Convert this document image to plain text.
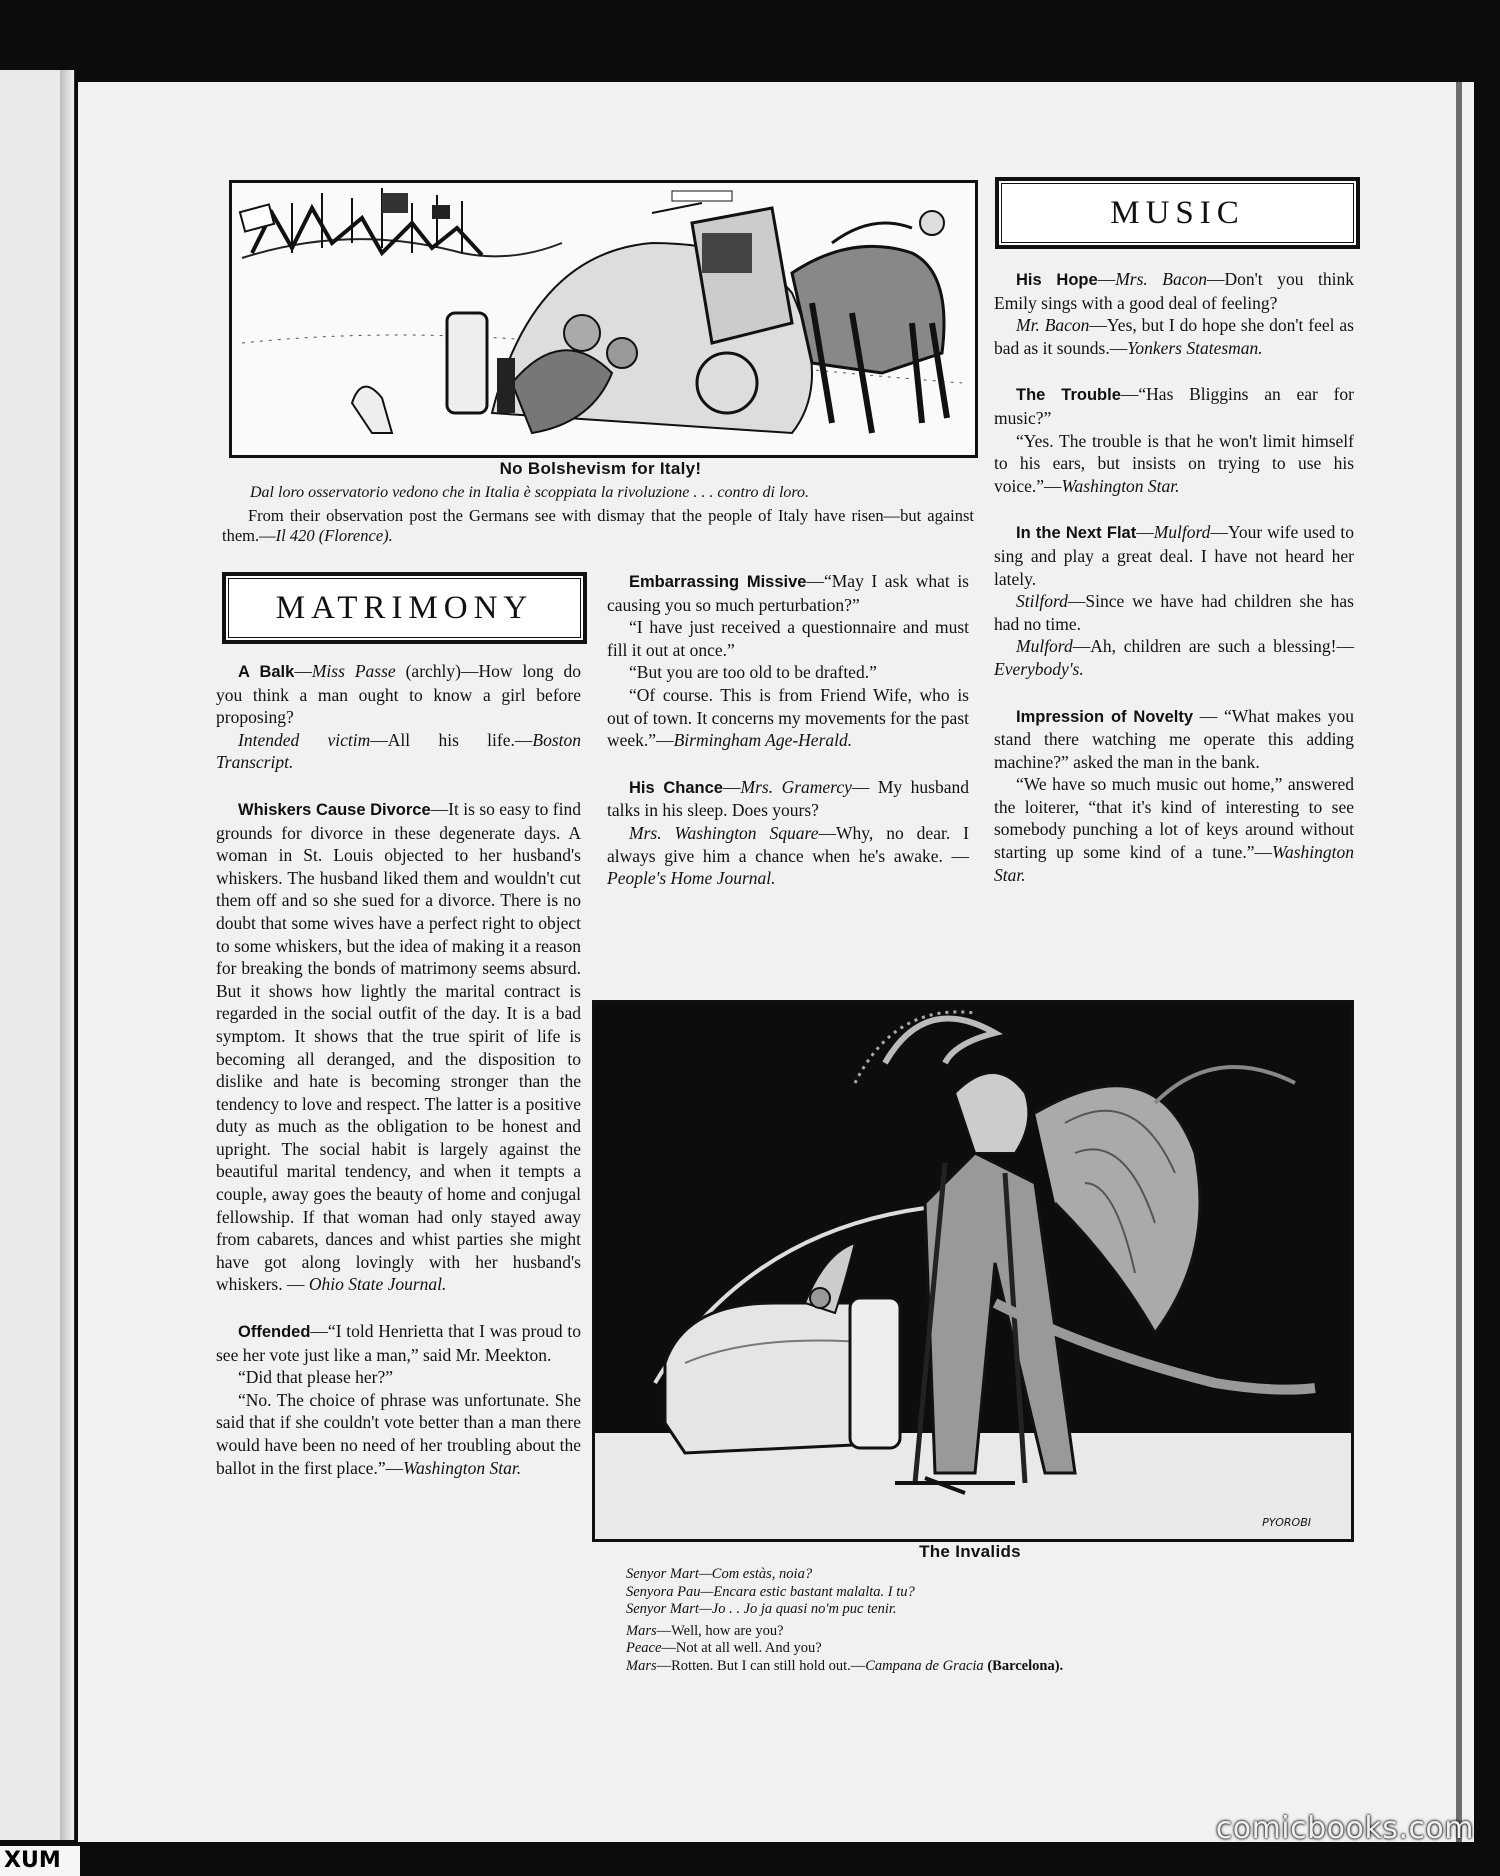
No Bolshevism for Italy!
Dal loro osservatorio vedono che in Italia è scoppiata la rivoluzione . . . contro di loro.
From their observation post the Germans see with dismay that the people of Italy have risen—but against them.—Il 420 (Florence).
MUSIC
MATRIMONY

A Balk—Miss Passe (archly)—How long do you think a man ought to know a girl before proposing?

Intended victim—All his life.—Boston Transcript.

Whiskers Cause Divorce—It is so easy to find grounds for divorce in these degenerate days. A woman in St. Louis objected to her husband's whiskers. The husband liked them and wouldn't cut them off and so she sued for a divorce. There is no doubt that some wives have a perfect right to object to some whiskers, but the idea of making it a reason for breaking the bonds of matrimony seems absurd. But it shows how lightly the marital contract is regarded in the social outfit of the day. It is a bad symptom. It shows that the true spirit of life is becoming all deranged, and the disposition to dislike and hate is becoming stronger than the tendency to love and respect. The latter is a positive duty as much as the obligation to be honest and upright. The social habit is largely against the beautiful marital tendency, and when it tempts a couple, away goes the beauty of home and conjugal fellowship. If that woman had only stayed away from cabarets, dances and whist parties she might have got along lovingly with her husband's whiskers. — Ohio State Journal.

Offended—“I told Henrietta that I was proud to see her vote just like a man,” said Mr. Meekton.

“Did that please her?”

“No. The choice of phrase was unfortunate. She said that if she couldn't vote better than a man there would have been no need of her troubling about the ballot in the first place.”—Washington Star.

Embarrassing Missive—“May I ask what is causing you so much perturbation?”

“I have just received a questionnaire and must fill it out at once.”

“But you are too old to be drafted.”

“Of course. This is from Friend Wife, who is out of town. It concerns my movements for the past week.”—Birmingham Age-Herald.

His Chance—Mrs. Gramercy— My husband talks in his sleep. Does yours?

Mrs. Washington Square—Why, no dear. I always give him a chance when he's awake. — People's Home Journal.

His Hope—Mrs. Bacon—Don't you think Emily sings with a good deal of feeling?

Mr. Bacon—Yes, but I do hope she don't feel as bad as it sounds.—Yonkers Statesman.

The Trouble—“Has Bliggins an ear for music?”

“Yes. The trouble is that he won't limit himself to his ears, but insists on trying to use his voice.”—Washington Star.

In the Next Flat—Mulford—Your wife used to sing and play a great deal. I have not heard her lately.

Stilford—Since we have had children she has had no time.

Mulford—Ah, children are such a blessing!—Everybody's.

Impression of Novelty — “What makes you stand there watching me operate this adding machine?” asked the man in the bank.

“We have so much music out home,” answered the loiterer, “that it's kind of interesting to see somebody punching a lot of keys around without starting up some kind of a tune.”—Washington Star.

PYOROBI
The Invalids
Senyor Mart—Com estàs, noia?
Senyora Pau—Encara estic bastant malalta. I tu?
Senyor Mart—Jo . . Jo ja quasi no'm puc tenir.
Mars—Well, how are you?
Peace—Not at all well. And you?
Mars—Rotten. But I can still hold out.—Campana de Gracia (Barcelona).
comicbooks.com
XUM
